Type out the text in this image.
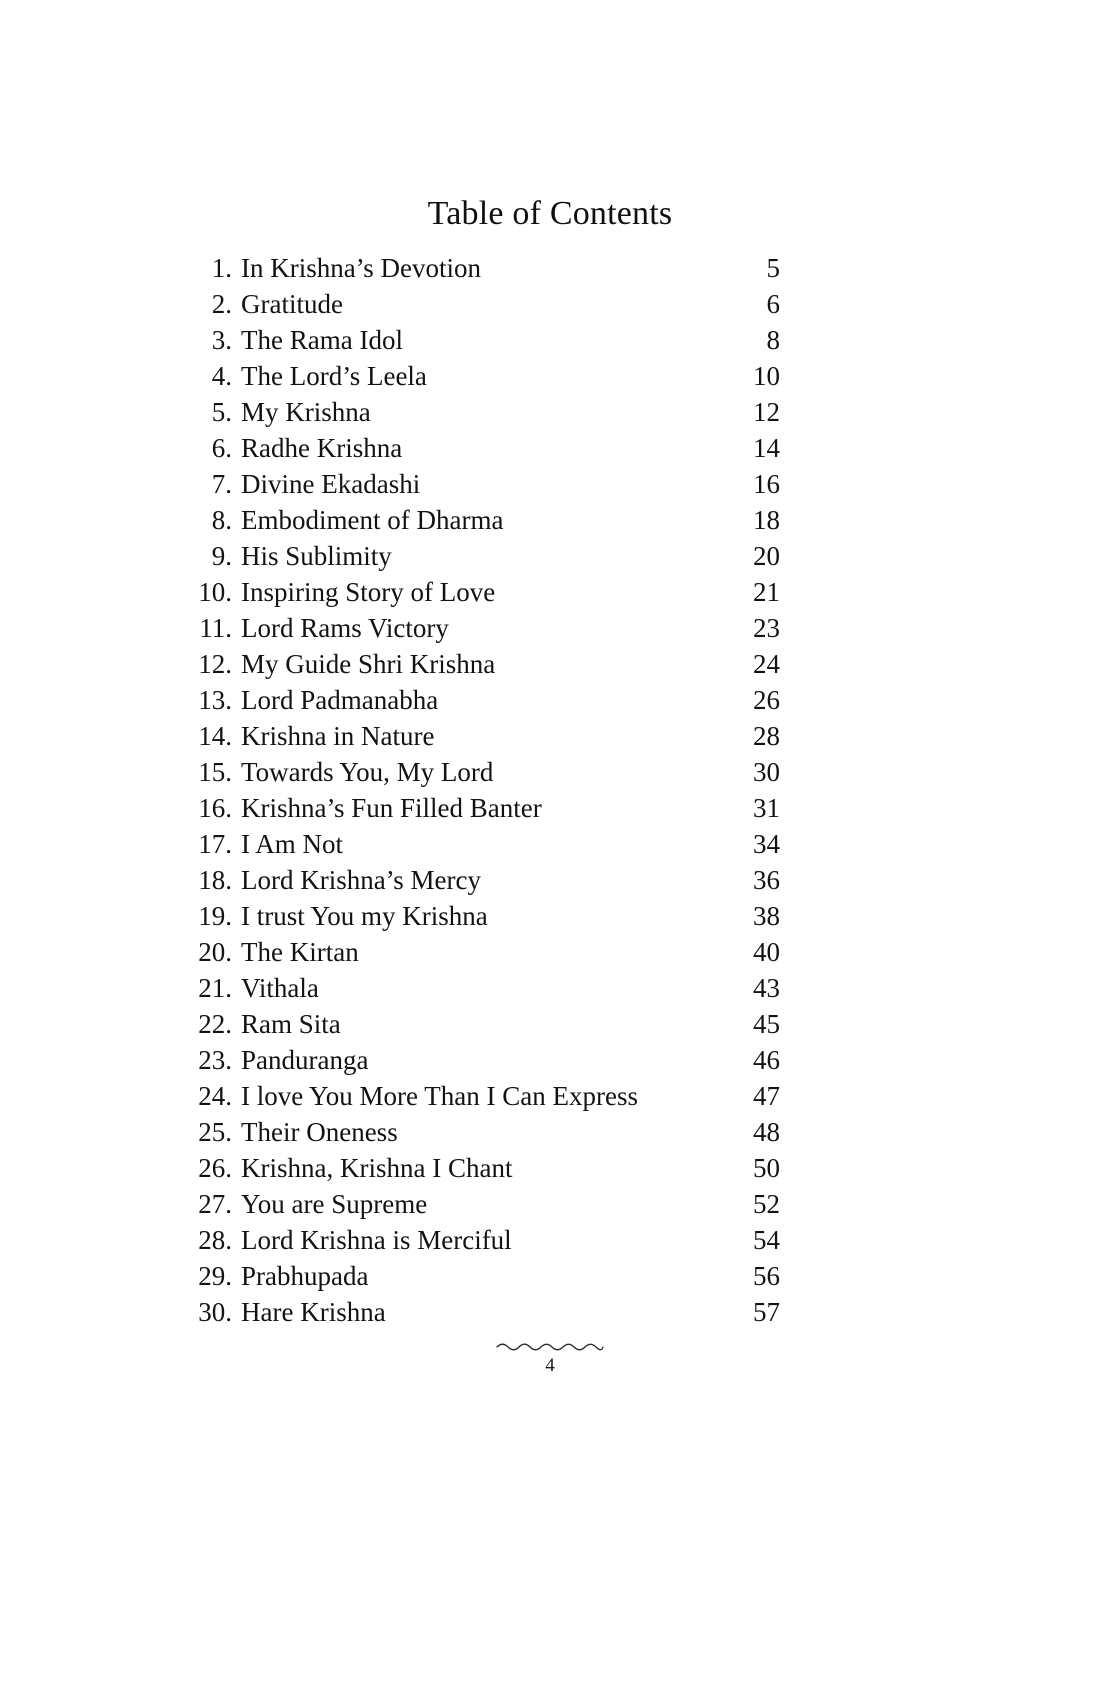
Table of Contents
1. In Krishna’s Devotion	5
2. Gratitude	6
3. The Rama Idol	8
4. The Lord’s Leela	10
5. My Krishna	12
6. Radhe Krishna	14
7. Divine Ekadashi	16
8. Embodiment of Dharma	18
9. His Sublimity	20
10. Inspiring Story of Love	21
11. Lord Rams Victory	23
12. My Guide Shri Krishna	24
13. Lord Padmanabha	26
14. Krishna in Nature	28
15. Towards You, My Lord	30
16. Krishna’s Fun Filled Banter	31
17. I Am Not	34
18. Lord Krishna’s Mercy	36
19. I trust You my Krishna	38
20. The Kirtan	40
21. Vithala	43
22. Ram Sita	45
23. Panduranga	46
24. I love You More Than I Can Express	47
25. Their Oneness	48
26. Krishna, Krishna I Chant	50
27. You are Supreme	52
28. Lord Krishna is Merciful	54
29. Prabhupada	56
30. Hare Krishna	57
4
